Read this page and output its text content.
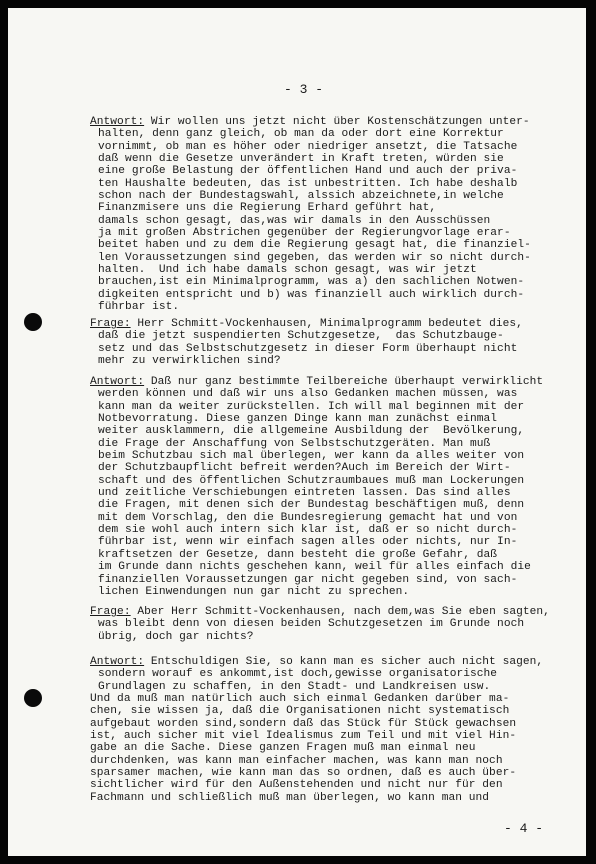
- 3 -
Antwort: Wir wollen uns jetzt nicht über Kostenschätzungen unter-
halten, denn ganz gleich, ob man da oder dort eine Korrektur
vornimmt, ob man es höher oder niedriger ansetzt, die Tatsache
daß wenn die Gesetze unverändert in Kraft treten, würden sie
eine große Belastung der öffentlichen Hand und auch der priva-
ten Haushalte bedeuten, das ist unbestritten. Ich habe deshalb
schon nach der Bundestagswahl, alssich abzeichnete,in welche
Finanzmisere uns die Regierung Erhard geführt hat,
damals schon gesagt, das,was wir damals in den Ausschüssen
ja mit großen Abstrichen gegenüber der Regierungvorlage erar-
beitet haben und zu dem die Regierung gesagt hat, die finanziel-
len Voraussetzungen sind gegeben, das werden wir so nicht durch-
halten.  Und ich habe damals schon gesagt, was wir jetzt
brauchen,ist ein Minimalprogramm, was a) den sachlichen Notwen-
digkeiten entspricht und b) was finanziell auch wirklich durch-
führbar ist.
Frage: Herr Schmitt-Vockenhausen, Minimalprogramm bedeutet dies,
daß die jetzt suspendierten Schutzgesetze,  das Schutzbauge-
setz und das Selbstschutzgesetz in dieser Form überhaupt nicht
mehr zu verwirklichen sind?
Antwort: Daß nur ganz bestimmte Teilbereiche überhaupt verwirklicht
werden können und daß wir uns also Gedanken machen müssen, was
kann man da weiter zurückstellen. Ich will mal beginnen mit der
Notbevorratung. Diese ganzen Dinge kann man zunächst einmal
weiter ausklammern, die allgemeine Ausbildung der  Bevölkerung,
die Frage der Anschaffung von Selbstschutzgeräten. Man muß
beim Schutzbau sich mal überlegen, wer kann da alles weiter von
der Schutzbaupflicht befreit werden?Auch im Bereich der Wirt-
schaft und des öffentlichen Schutzraumbaues muß man Lockerungen
und zeitliche Verschiebungen eintreten lassen. Das sind alles
die Fragen, mit denen sich der Bundestag beschäftigen muß, denn
mit dem Vorschlag, den die Bundesregierung gemacht hat und von
dem sie wohl auch intern sich klar ist, daß er so nicht durch-
führbar ist, wenn wir einfach sagen alles oder nichts, nur In-
kraftsetzen der Gesetze, dann besteht die große Gefahr, daß
im Grunde dann nichts geschehen kann, weil für alles einfach die
finanziellen Voraussetzungen gar nicht gegeben sind, von sach-
lichen Einwendungen nun gar nicht zu sprechen.
Frage: Aber Herr Schmitt-Vockenhausen, nach dem,was Sie eben sagten,
was bleibt denn von diesen beiden Schutzgesetzen im Grunde noch
übrig, doch gar nichts?
Antwort: Entschuldigen Sie, so kann man es sicher auch nicht sagen,
sondern worauf es ankommt,ist doch,gewisse organisatorische
Grundlagen zu schaffen, in den Stadt- und Landkreisen usw.
Und da muß man natürlich auch sich einmal Gedanken darüber ma-
chen, sie wissen ja, daß die Organisationen nicht systematisch
aufgebaut worden sind,sondern daß das Stück für Stück gewachsen
ist, auch sicher mit viel Idealismus zum Teil und mit viel Hin-
gabe an die Sache. Diese ganzen Fragen muß man einmal neu
durchdenken, was kann man einfacher machen, was kann man noch
sparsamer machen, wie kann man das so ordnen, daß es auch über-
sichtlicher wird für den Außenstehenden und nicht nur für den
Fachmann und schließlich muß man überlegen, wo kann man und
- 4 -
